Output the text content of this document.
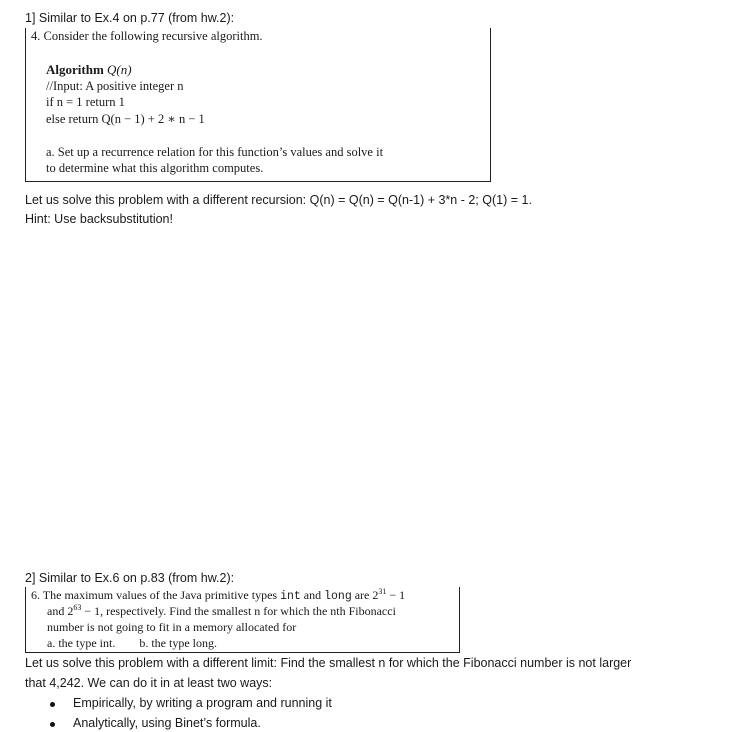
1] Similar to Ex.4 on p.77 (from hw.2):
4. Consider the following recursive algorithm.
Algorithm Q(n)
//Input: A positive integer n
if n = 1 return 1
else return Q(n − 1) + 2 ∗ n − 1
a. Set up a recurrence relation for this function’s values and solve it
to determine what this algorithm computes.
Let us solve this problem with a different recursion: Q(n) = Q(n) = Q(n-1) + 3*n - 2; Q(1) = 1.
Hint: Use backsubstitution!
2] Similar to Ex.6 on p.83 (from hw.2):
6. The maximum values of the Java primitive types int and long are $2^{31} - 1$
and $2^{63} - 1$, respectively. Find the smallest n for which the nth Fibonacci
number is not going to fit in a memory allocated for
a. the type int. b. the type long.
Let us solve this problem with a different limit: Find the smallest n for which the Fibonacci number is not larger
that 4,242. We can do it in at least two ways:
Empirically, by writing a program and running it
Analytically, using Binet’s formula.
